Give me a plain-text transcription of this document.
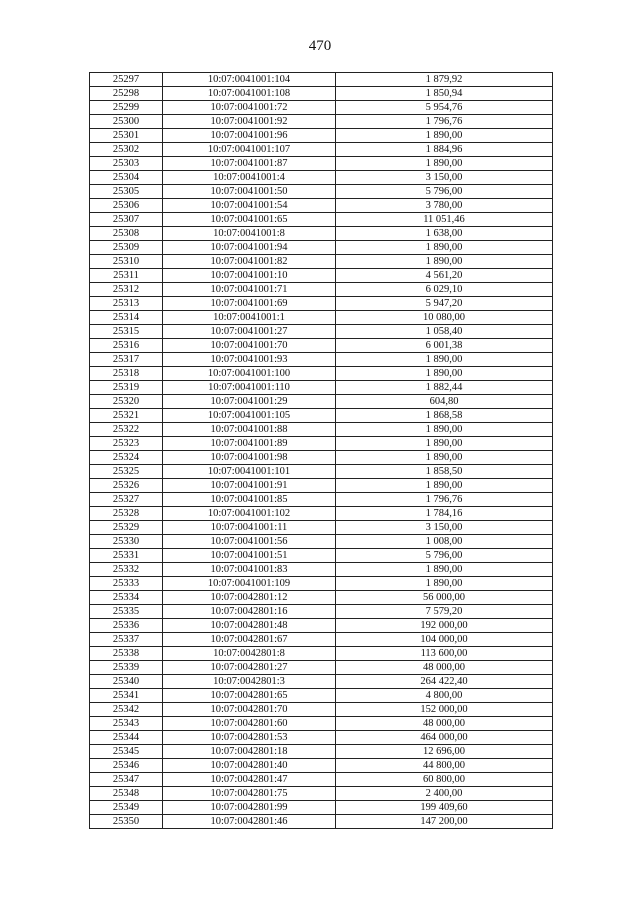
470
25297	10:07:0041001:104	1 879,92
25298	10:07:0041001:108	1 850,94
25299	10:07:0041001:72	5 954,76
25300	10:07:0041001:92	1 796,76
25301	10:07:0041001:96	1 890,00
25302	10:07:0041001:107	1 884,96
25303	10:07:0041001:87	1 890,00
25304	10:07:0041001:4	3 150,00
25305	10:07:0041001:50	5 796,00
25306	10:07:0041001:54	3 780,00
25307	10:07:0041001:65	11 051,46
25308	10:07:0041001:8	1 638,00
25309	10:07:0041001:94	1 890,00
25310	10:07:0041001:82	1 890,00
25311	10:07:0041001:10	4 561,20
25312	10:07:0041001:71	6 029,10
25313	10:07:0041001:69	5 947,20
25314	10:07:0041001:1	10 080,00
25315	10:07:0041001:27	1 058,40
25316	10:07:0041001:70	6 001,38
25317	10:07:0041001:93	1 890,00
25318	10:07:0041001:100	1 890,00
25319	10:07:0041001:110	1 882,44
25320	10:07:0041001:29	604,80
25321	10:07:0041001:105	1 868,58
25322	10:07:0041001:88	1 890,00
25323	10:07:0041001:89	1 890,00
25324	10:07:0041001:98	1 890,00
25325	10:07:0041001:101	1 858,50
25326	10:07:0041001:91	1 890,00
25327	10:07:0041001:85	1 796,76
25328	10:07:0041001:102	1 784,16
25329	10:07:0041001:11	3 150,00
25330	10:07:0041001:56	1 008,00
25331	10:07:0041001:51	5 796,00
25332	10:07:0041001:83	1 890,00
25333	10:07:0041001:109	1 890,00
25334	10:07:0042801:12	56 000,00
25335	10:07:0042801:16	7 579,20
25336	10:07:0042801:48	192 000,00
25337	10:07:0042801:67	104 000,00
25338	10:07:0042801:8	113 600,00
25339	10:07:0042801:27	48 000,00
25340	10:07:0042801:3	264 422,40
25341	10:07:0042801:65	4 800,00
25342	10:07:0042801:70	152 000,00
25343	10:07:0042801:60	48 000,00
25344	10:07:0042801:53	464 000,00
25345	10:07:0042801:18	12 696,00
25346	10:07:0042801:40	44 800,00
25347	10:07:0042801:47	60 800,00
25348	10:07:0042801:75	2 400,00
25349	10:07:0042801:99	199 409,60
25350	10:07:0042801:46	147 200,00
